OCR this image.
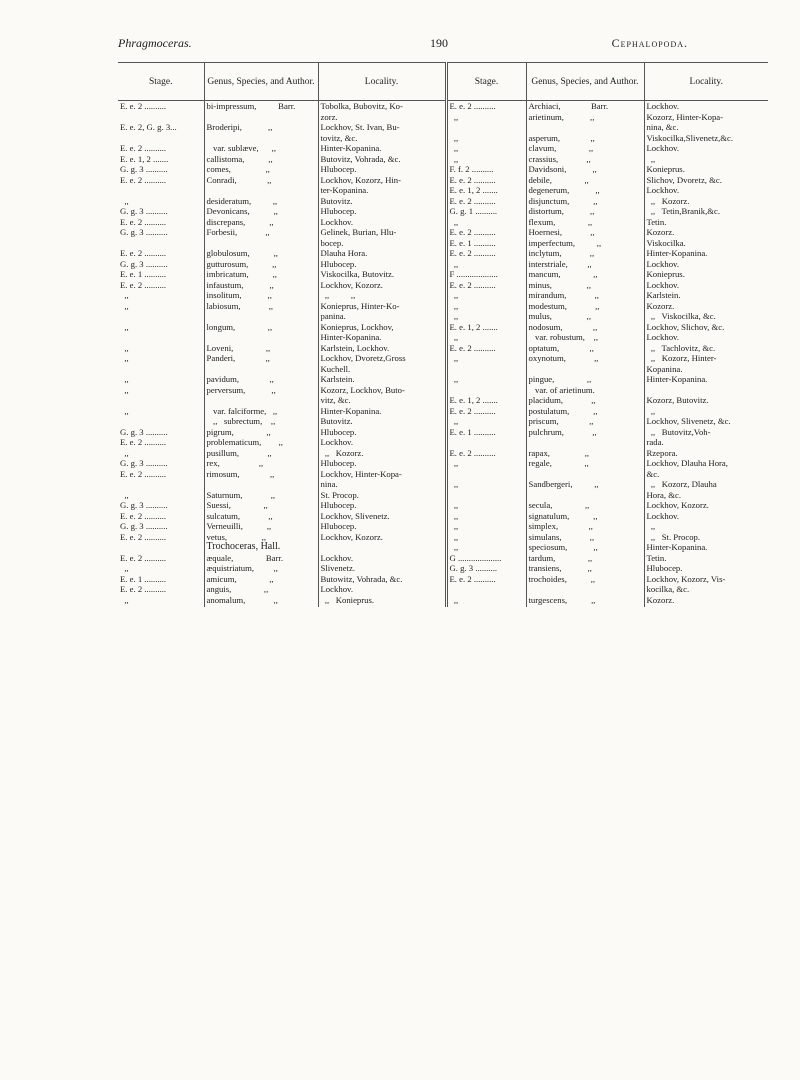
Phragmoceras.	190	Cephalopoda.
Stage.	Genus, Species, and Author.	Locality.	Stage.	Genus, Species, and Author.	Locality.
E. e. 2 ..........	bi-impressum,          Barr.	Tobolka, Bubovitz, Ko-	E. e. 2 ..........	Archiaci,              Barr.	Lockhov.
		zorz.	,,	arietinum,            ,,	Kozorz, Hinter-Kopa-
E. e. 2, G. g. 3...	Broderipi,            ,,	Lockhov, St. Ivan, Bu-			nina, &c.
		tovitz, &c.	,,	asperum,              ,,	Viskocilka,Slivenetz,&c.
E. e. 2 ..........	var. sublæve,      ,,	Hinter-Kopanina.	,,	clavum,               ,,	Lockhov.
E. e. 1, 2 .......	callistoma,           ,,	Butovitz, Vohrada, &c.	,,	crassius,             ,,	,,
G. g. 3 ..........	comes,                ,,	Hlubocep.	F. f. 2 ..........	Davidsoni,            ,,	Konieprus.
E. e. 2 ..........	Conradi,              ,,	Lockhov, Kozorz, Hin-	E. e. 2 ..........	debile,               ,,	Slichov, Dvoretz, &c.
		ter-Kopanina.	E. e. 1, 2 .......	degenerum,            ,,	Lockhov.
,,	desideratum,          ,,	Butovitz.	E. e. 2 ..........	disjunctum,           ,,	,,   Kozorz.
G. g. 3 ..........	Devonicans,           ,,	Hlubocep.	G. g. 1 ..........	distortum,            ,,	,,   Tetin,Branik,&c.
E. e. 2 ..........	discrepans,           ,,	Lockhov.	,,	flexum,               ,,	Tetin.
G. g. 3 ..........	Forbesii,             ,,	Gelinek, Burian, Hlu-	E. e. 2 ..........	Hoernesi,             ,,	Kozorz.
		bocep.	E. e. 1 ..........	imperfectum,          ,,	Viskocilka.
E. e. 2 ..........	globulosum,           ,,	Dlauha Hora.	E. e. 2 ..........	inclytum,             ,,	Hinter-Kopanina.
G. g. 3 ..........	gutturosum,           ,,	Hlubocep.	,,	interstriale,         ,,	Lockhov.
E. e. 1 ..........	imbricatum,           ,,	Viskocilka, Butovitz.	F ...................	mancum,               ,,	Konieprus.
E. e. 2 ..........	infaustum,            ,,	Lockhov, Kozorz.	E. e. 2 ..........	minus,                ,,	Lockhov.
,,	insolitum,            ,,	,,          ,,	,,	mirandum,             ,,	Karlstein.
,,	labiosum,             ,,	Konieprus, Hinter-Ko-	,,	modestum,             ,,	Kozorz.
		panina.	,,	mulus,                ,,	,,   Viskocilka, &c.
,,	longum,               ,,	Konieprus, Lockhov,	E. e. 1, 2 .......	nodosum,              ,,	Lockhov, Slichov, &c.
		Hinter-Kopanina.	,,	var. robustum,    ,,	Lockhov.
,,	Loveni,               ,,	Karlstein, Lockhov.	E. e. 2 ..........	optatum,              ,,	,,   Tachlovitz, &c.
,,	Panderi,              ,,	Lockhov, Dvoretz,Gross	,,	oxynotum,             ,,	,,   Kozorz, Hinter-
		Kuchell.			Kopanina.
,,	pavidum,              ,,	Karlstein.	,,	pingue,               ,,	Hinter-Kopanina.
,,	perversum,            ,,	Kozorz, Lockhov, Buto-		var. of arietinum.	
		vitz, &c.	E. e. 1, 2 .......	placidum,             ,,	Kozorz, Butovitz.
,,	var. falciforme,   ,,	Hinter-Kopanina.	E. e. 2 ..........	postulatum,           ,,	,,
	,,   subrectum,    ,,	Butovitz.	,,	priscum,              ,,	Lockhov, Slivenetz, &c.
G. g. 3 ..........	pigrum,               ,,	Hlubocep.	E. e. 1 ..........	pulchrum,             ,,	,,   Butovitz,Voh-
E. e. 2 ..........	problematicum,        ,,	Lockhov.			rada.
,,	pusillum,             ,,	,,   Kozorz.	E. e. 2 ..........	rapax,                ,,	Rzepora.
G. g. 3 ..........	rex,                  ,,	Hlubocep.	,,	regale,               ,,	Lockhov, Dlauha Hora,
E. e. 2 ..........	rimosum,              ,,	Lockhov, Hinter-Kopa-			&c.
		nina.	,,	Sandbergeri,          ,,	,,   Kozorz, Dlauha
,,	Saturnum,             ,,	St. Procop.			Hora, &c.
G. g. 3 ..........	Suessi,               ,,	Hlubocep.	,,	secula,               ,,	Lockhov, Kozorz.
E. e. 2 ..........	sulcatum,             ,,	Lockhov, Slivenetz.	,,	signatulum,           ,,	Lockhov.
G. g. 3 ..........	Verneuilli,           ,,	Hlubocep.	,,	simplex,              ,,	,,
E. e. 2 ..........	vetus,                ,,	Lockhov, Kozorz.	,,	simulans,             ,,	,,   St. Procop.
	Trochoceras, Hall.		,,	speciosum,            ,,	Hinter-Kopanina.
E. e. 2 ..........	æquale,               Barr.	Lockhov.	G ....................	tardum,               ,,	Tetin.
,,	æquistriatum,         ,,	Slivenetz.	G. g. 3 ..........	transiens,            ,,	Hlubocep.
E. e. 1 ..........	amicum,               ,,	Butowitz, Vohrada, &c.	E. e. 2 ..........	trochoides,           ,,	Lockhov, Kozorz, Vis-
E. e. 2 ..........	anguis,               ,,	Lockhov.			kocilka, &c.
,,	anomalum,             ,,	,,   Konieprus.	,,	turgescens,           ,,	Kozorz.
